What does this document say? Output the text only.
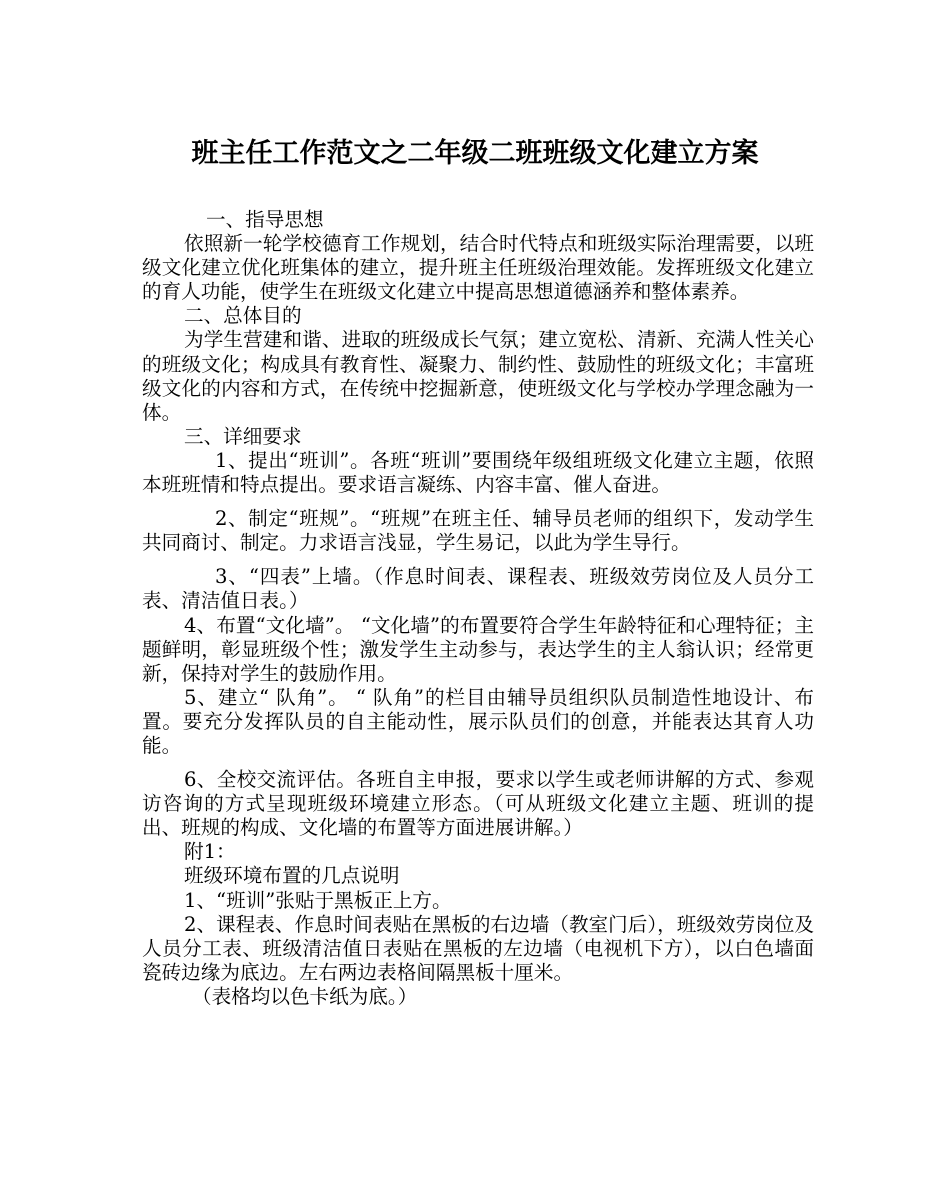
班主任工作范文之二年级二班班级文化建立方案

一、指导思想

依照新一轮学校德育工作规划，结合时代特点和班级实际治理需要，以班级文化建立优化班集体的建立，提升班主任班级治理效能。发挥班级文化建立的育人功能，使学生在班级文化建立中提高思想道德涵养和整体素养。

二、总体目的

为学生营建和谐、进取的班级成长气氛；建立宽松、清新、充满人性关心的班级文化；构成具有教育性、凝聚力、制约性、鼓励性的班级文化；丰富班级文化的内容和方式，在传统中挖掘新意，使班级文化与学校办学理念融为一体。

三、详细要求

1、提出“班训”。各班“班训”要围绕年级组班级文化建立主题，依照本班班情和特点提出。要求语言凝练、内容丰富、催人奋进。

2、制定“班规”。“班规”在班主任、辅导员老师的组织下，发动学生共同商讨、制定。力求语言浅显，学生易记，以此为学生导行。

3、“四表”上墙。（作息时间表、课程表、班级效劳岗位及人员分工表、清洁值日表。）

4、布置“文化墙”。 “文化墙”的布置要符合学生年龄特征和心理特征；主题鲜明，彰显班级个性；激发学生主动参与，表达学生的主人翁认识；经常更新，保持对学生的鼓励作用。

5、建立“ 队角”。 “ 队角”的栏目由辅导员组织队员制造性地设计、布置。要充分发挥队员的自主能动性，展示队员们的创意，并能表达其育人功能。

6、全校交流评估。各班自主申报，要求以学生或老师讲解的方式、参观访咨询的方式呈现班级环境建立形态。（可从班级文化建立主题、班训的提出、班规的构成、文化墙的布置等方面进展讲解。）

附1：

班级环境布置的几点说明

1、“班训”张贴于黑板正上方。

2、课程表、作息时间表贴在黑板的右边墙（教室门后），班级效劳岗位及人员分工表、班级清洁值日表贴在黑板的左边墙（电视机下方），以白色墙面瓷砖边缘为底边。左右两边表格间隔黑板十厘米。

（表格均以色卡纸为底。）
